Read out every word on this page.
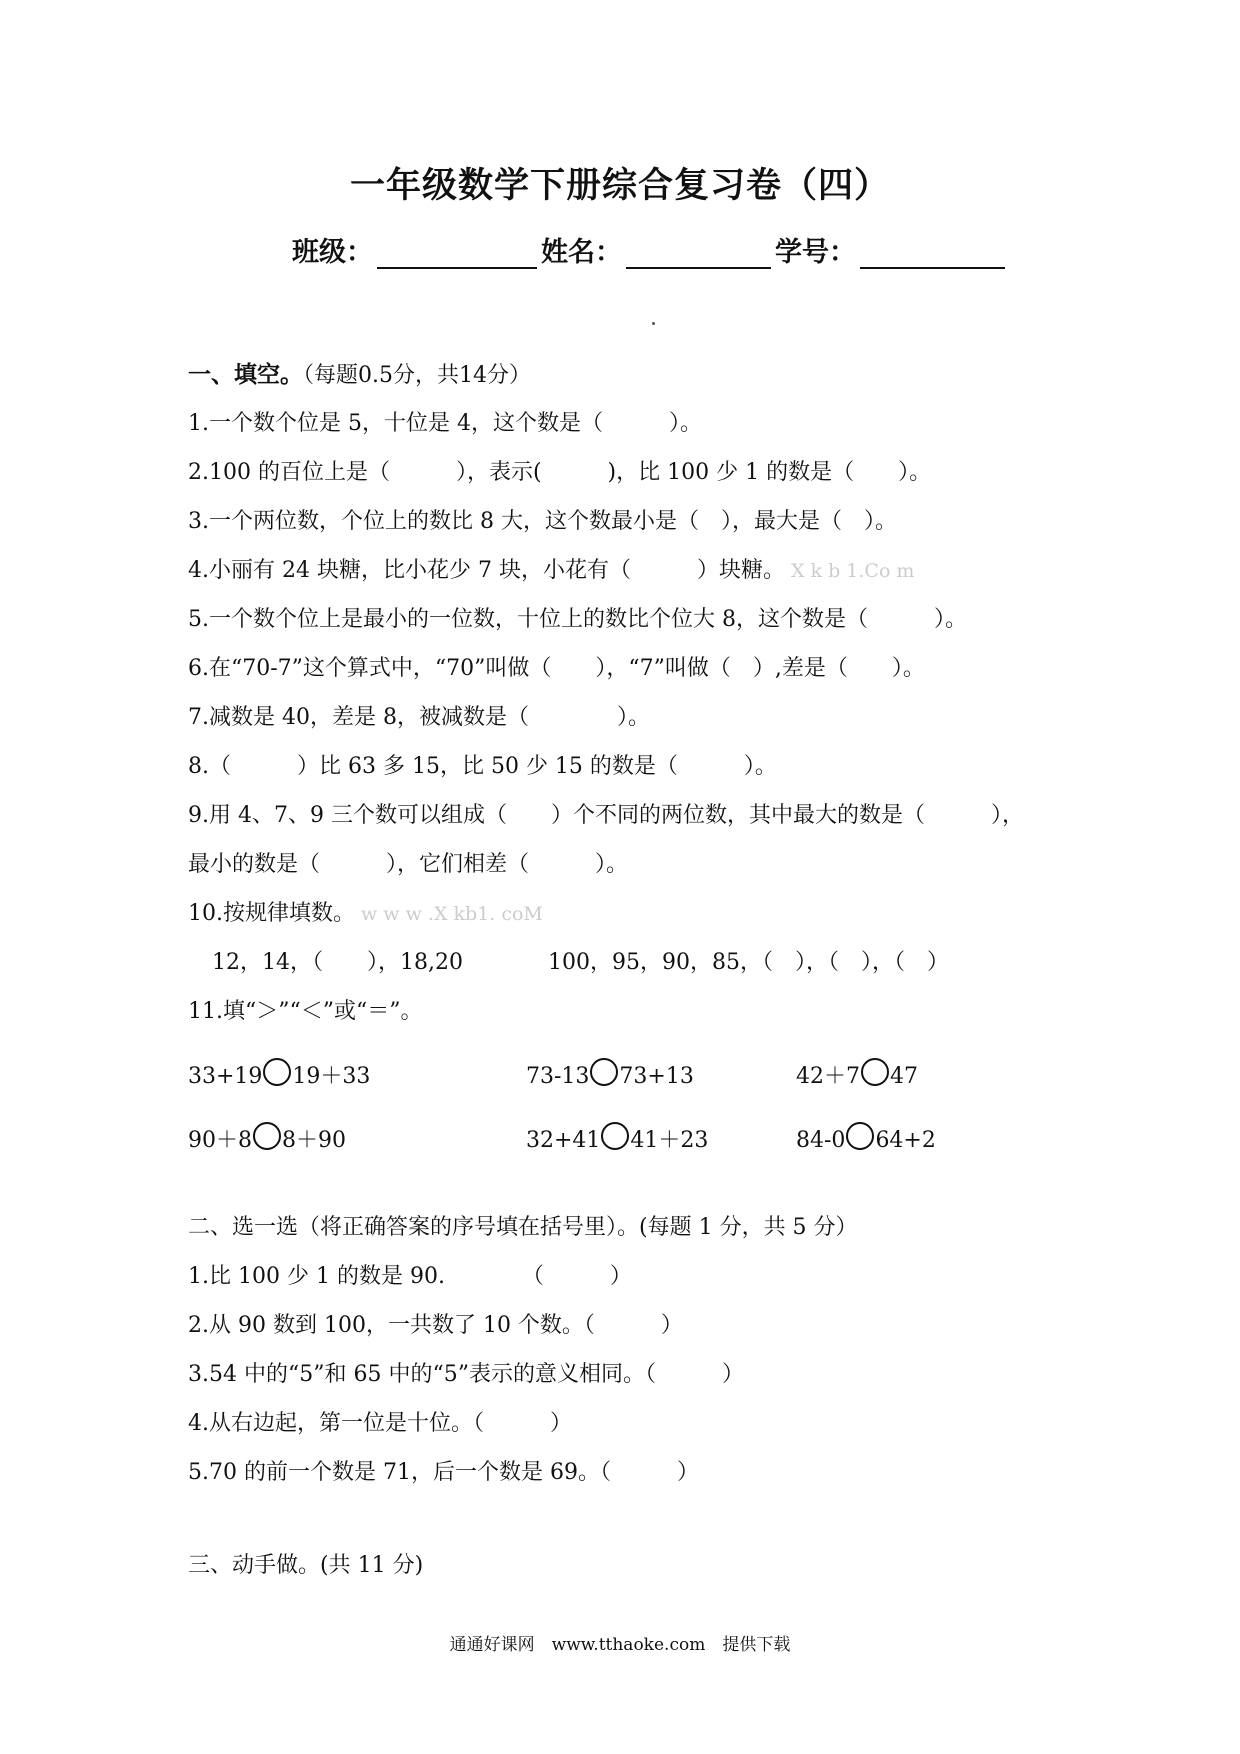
一年级数学下册综合复习卷（四）
班级：	姓名：	学号：
一、填空。（每题0.5分，共14分）
1.一个数个位是 5，十位是 4，这个数是（　　　）。
2.100 的百位上是（　　　），表示(　　　)，比 100 少 1 的数是（　　）。
3.一个两位数，个位上的数比 8 大，这个数最小是（　），最大是（　）。
4.小丽有 24 块糖，比小花少 7 块，小花有（　　　）块糖。 X k b 1.Co m
5.一个数个位上是最小的一位数，十位上的数比个位大 8，这个数是（　　　）。
6.在“70-7”这个算式中，“70”叫做（　　），“7”叫做（　）,差是（　　）。
7.减数是 40，差是 8，被减数是（　　　　）。
8.（　　　）比 63 多 15，比 50 少 15 的数是（　　　）。
9.用 4、7、9 三个数可以组成（　　）个不同的两位数，其中最大的数是（　　　），
最小的数是（　　　），它们相差（　　　）。
10.按规律填数。 w w w .X kb1. coM
12，14，（　　），18,20	100，95，90，85，（　），（　），（　）
11.填“＞”“＜”或“＝”。
33+19 19＋33	73-13 73+13	42＋7 47
90＋8 8＋90	32+41 41＋23	84-0 64+2
二、选一选（将正确答案的序号填在括号里）。(每题 1 分，共 5 分）
1.比 100 少 1 的数是 90.　　　　（　　　）
2.从 90 数到 100，一共数了 10 个数。（　　　）
3.54 中的“5”和 65 中的“5”表示的意义相同。（　　　）
4.从右边起，第一位是十位。（　　　）
5.70 的前一个数是 71，后一个数是 69。（　　　）
三、动手做。(共 11 分)
通通好课网　www.tthaoke.com　提供下载
